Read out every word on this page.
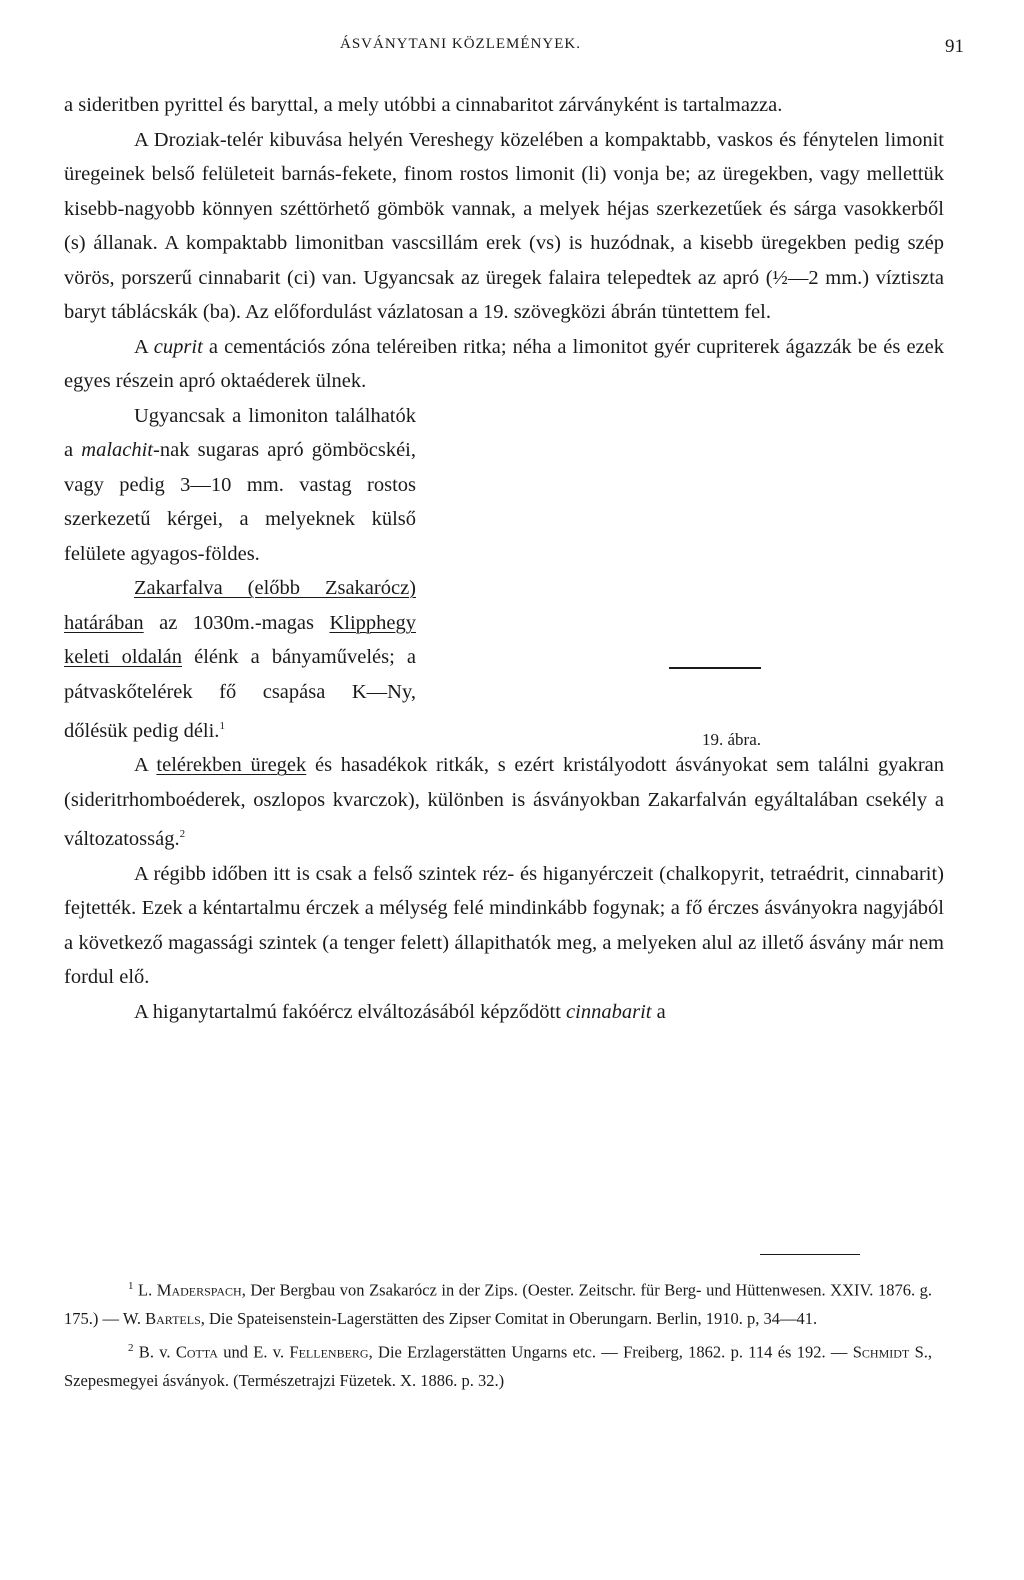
ÁSVÁNYTANI KÖZLEMÉNYEK.	91

a sideritben pyrittel és baryttal, a mely utóbbi a cinnabaritot zárványként is tartalmazza.

A Droziak-telér kibuvása helyén Vereshegy közelében a kompaktabb, vaskos és fénytelen limonit üregeinek belső felületeit barnás-fekete, finom rostos limonit (li) vonja be; az üregekben, vagy mellettük kisebb-nagyobb könnyen széttörhető gömbök vannak, a melyek héjas szerkezetűek és sárga vasokkerből (s) állanak. A kompaktabb limonitban vascsillám erek (vs) is huzódnak, a kisebb üregekben pedig szép vörös, porszerű cinnabarit (ci) van. Ugyancsak az üregek falaira telepedtek az apró (½—2 mm.) víztiszta baryt táblácskák (ba). Az előfordulást vázlatosan a 19. szövegközi ábrán tüntettem fel.

A cuprit a cementációs zóna teléreiben ritka; néha a limonitot gyér cupriterek ágazzák be és ezek egyes részein apró oktaéderek ülnek.

19. ábra.

Ugyancsak a limoniton találhatók a malachit-nak sugaras apró gömböcskéi, vagy pedig 3—10 mm. vastag rostos szerkezetű kérgei, a melyeknek külső felülete agyagos-földes.

Zakarfalva (előbb Zsakarócz) határában az 1030m.-magas Klipphegy keleti oldalán élénk a bányaművelés; a pátvaskőtelérek fő csapása K—Ny, dőlésük pedig déli.$^1$

A telérekben üregek és hasadékok ritkák, s ezért kristályodott ásványokat sem találni gyakran (sideritrhomboéderek, oszlopos kvarczok), különben is ásványokban Zakarfalván egyáltalában csekély a változatosság.$^2$

A régibb időben itt is csak a felső szintek réz- és higanyérczeit (chalkopyrit, tetraédrit, cinnabarit) fejtették. Ezek a kéntartalmu érczek a mélység felé mindinkább fogynak; a fő érczes ásványokra nagyjából a következő magassági szintek (a tenger felett) állapithatók meg, a melyeken alul az illető ásvány már nem fordul elő.

A higanytartalmú fakóércz elváltozásából képződött cinnabarit a

$^1$ L. Maderspach, Der Bergbau von Zsakarócz in der Zips. (Oester. Zeitschr. für Berg- und Hüttenwesen. XXIV. 1876. g. 175.) — W. Bartels, Die Spateisenstein-Lagerstätten des Zipser Comitat in Oberungarn. Berlin, 1910. p, 34—41.

$^2$ B. v. Cotta und E. v. Fellenberg, Die Erzlagerstätten Ungarns etc. — Freiberg, 1862. p. 114 és 192. — Schmidt S., Szepesmegyei ásványok. (Természetrajzi Füzetek. X. 1886. p. 32.)
